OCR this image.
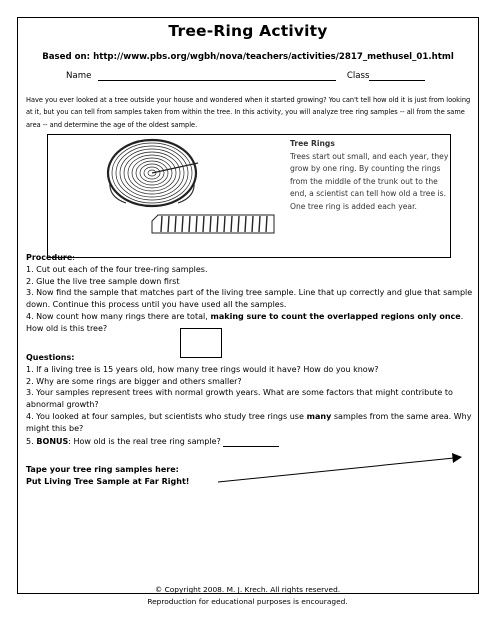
Tree-Ring Activity
Based on: http://www.pbs.org/wgbh/nova/teachers/activities/2817_methusel_01.html
Name	Class
Have you ever looked at a tree outside your house and wondered when it started growing? You can't tell how old it is just from looking at it, but you can tell from samples taken from within the tree. In this activity, you will analyze tree ring samples -- all from the same area -- and determine the age of the oldest sample.
Tree Rings
Trees start out small, and each year, they grow by one ring. By counting the rings from the middle of the trunk out to the end, a scientist can tell how old a tree is. One tree ring is added each year.
Procedure:
1. Cut out each of the four tree-ring samples.
2. Glue the live tree sample down first
3. Now find the sample that matches part of the living tree sample. Line that up correctly and glue that sample down. Continue this process until you have used all the samples.
4. Now count how many rings there are total, making sure to count the overlapped regions only once. How old is this tree?
Questions:
1. If a living tree is 15 years old, how many tree rings would it have? How do you know?
2. Why are some rings are bigger and others smaller?
3. Your samples represent trees with normal growth years. What are some factors that might contribute to abnormal growth?
4. You looked at four samples, but scientists who study tree rings use many samples from the same area. Why might this be?
5. BONUS: How old is the real tree ring sample?
Tape your tree ring samples here:
Put Living Tree Sample at Far Right!
© Copyright 2008. M. J. Krech. All rights reserved.
Reproduction for educational purposes is encouraged.
